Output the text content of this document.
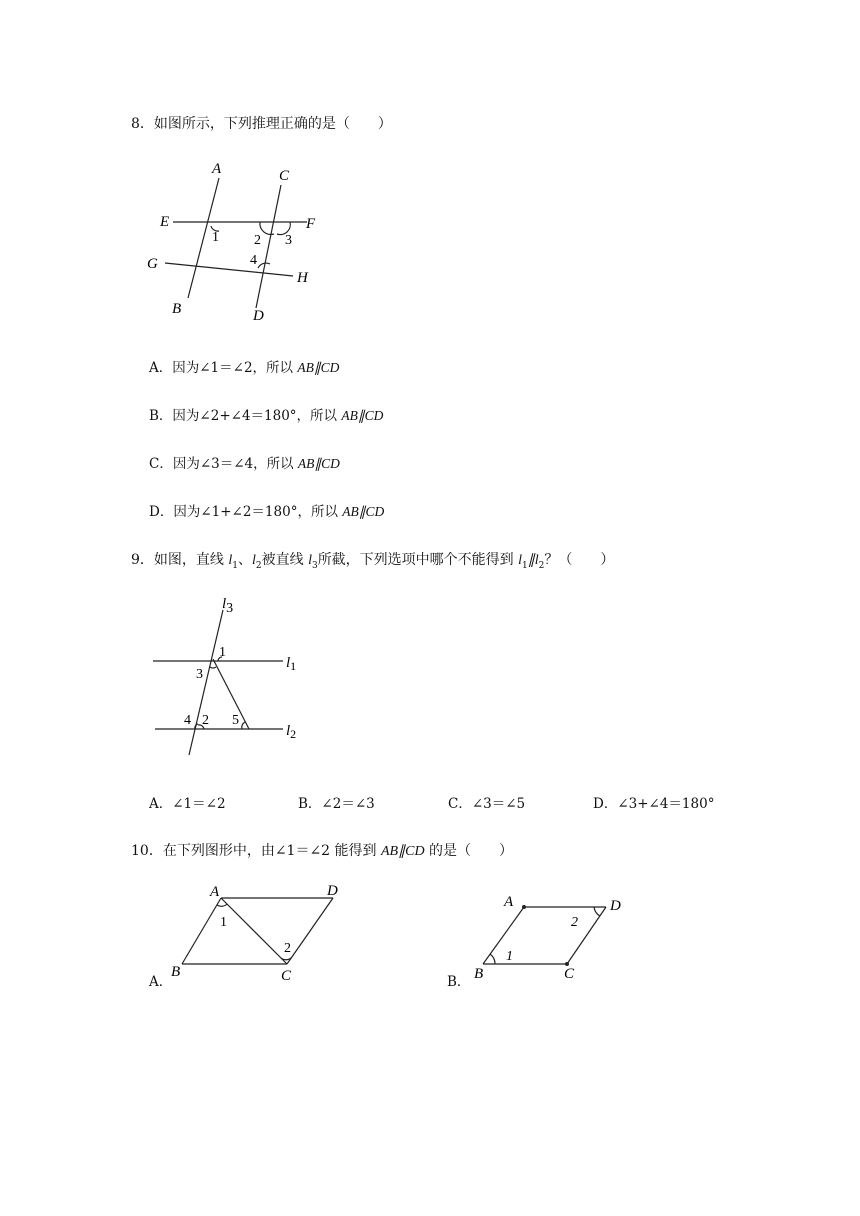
8．如图所示，下列推理正确的是（　　）
A	C
E	F
G
H
B	D
1	2 3
4
A．因为∠1＝∠2，所以 AB∥CD
B．因为∠2+∠4＝180°，所以 AB∥CD
C．因为∠3＝∠4，所以 AB∥CD
D．因为∠1+∠2＝180°，所以 AB∥CD
9．如图，直线 $l_1$、$l_2$被直线 $l_3$所截，下列选项中哪个不能得到 $l_1\parallel l_2$？（　　）
l3
$l_1$
$l_2$
1
3
4 2 5
A．∠1＝∠2	B．∠2＝∠3	C．∠3＝∠5	D．∠3+∠4＝180°
10．在下列图形中，由∠1＝∠2 能得到 AB∥CD 的是（　　）
A．
A	D
B	C
1
2
B．
A	D
B	C
1
2
